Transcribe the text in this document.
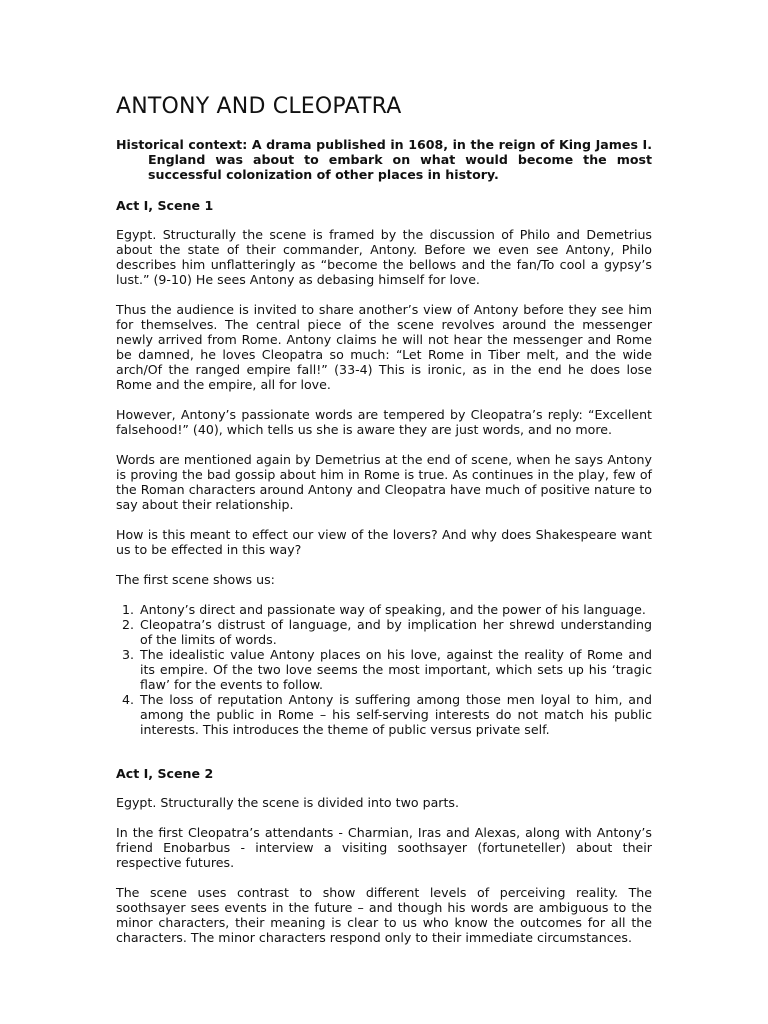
ANTONY AND CLEOPATRA
Historical context: A drama published in 1608, in the reign of King James I. England was about to embark on what would become the most successful colonization of other places in history.
Act I, Scene 1

Egypt. Structurally the scene is framed by the discussion of Philo and Demetrius about the state of their commander, Antony. Before we even see Antony, Philo describes him unflatteringly as “become the bellows and the fan/To cool a gypsy’s lust.” (9-10) He sees Antony as debasing himself for love.

Thus the audience is invited to share another’s view of Antony before they see him for themselves. The central piece of the scene revolves around the messenger newly arrived from Rome. Antony claims he will not hear the messenger and Rome be damned, he loves Cleopatra so much: “Let Rome in Tiber melt, and the wide arch/Of the ranged empire fall!” (33-4) This is ironic, as in the end he does lose Rome and the empire, all for love.

However, Antony’s passionate words are tempered by Cleopatra’s reply: “Excellent falsehood!” (40), which tells us she is aware they are just words, and no more.

Words are mentioned again by Demetrius at the end of scene, when he says Antony is proving the bad gossip about him in Rome is true. As continues in the play, few of the Roman characters around Antony and Cleopatra have much of positive nature to say about their relationship.

How is this meant to effect our view of the lovers? And why does Shakespeare want us to be effected in this way?

The first scene shows us:

1. Antony’s direct and passionate way of speaking, and the power of his language.
2. Cleopatra’s distrust of language, and by implication her shrewd understanding of the limits of words.
3. The idealistic value Antony places on his love, against the reality of Rome and its empire. Of the two love seems the most important, which sets up his ‘tragic flaw’ for the events to follow.
4. The loss of reputation Antony is suffering among those men loyal to him, and among the public in Rome – his self-serving interests do not match his public interests. This introduces the theme of public versus private self.
Act I, Scene 2

Egypt. Structurally the scene is divided into two parts.

In the first Cleopatra’s attendants - Charmian, Iras and Alexas, along with Antony’s friend Enobarbus - interview a visiting soothsayer (fortuneteller) about their respective futures.

The scene uses contrast to show different levels of perceiving reality. The soothsayer sees events in the future – and though his words are ambiguous to the minor characters, their meaning is clear to us who know the outcomes for all the characters. The minor characters respond only to their immediate circumstances.
